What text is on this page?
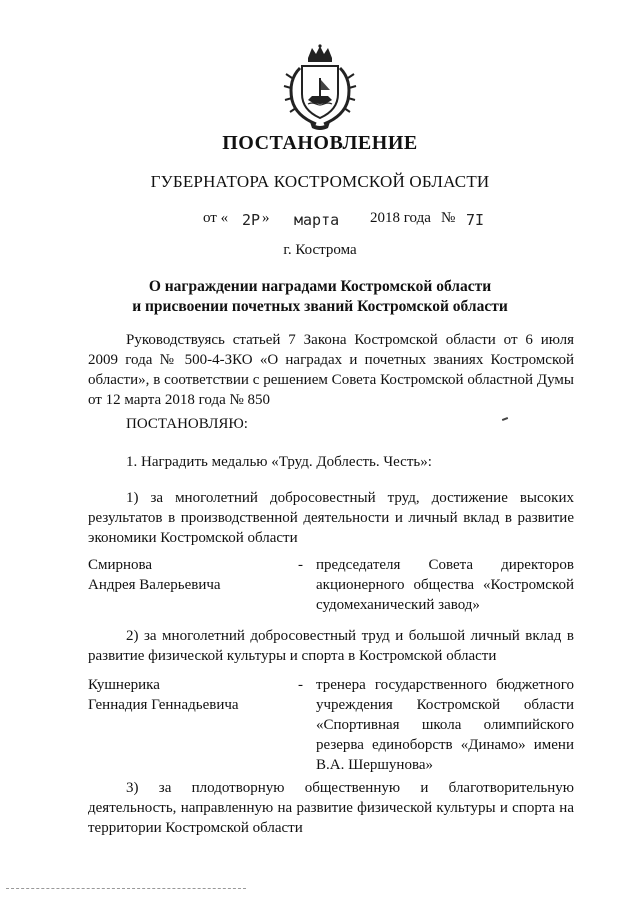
ПОСТАНОВЛЕНИЕ
ГУБЕРНАТОРА КОСТРОМСКОЙ ОБЛАСТИ
от « 2P » марта 2018 года № 7I
г. Кострома
О награждении наградами Костромской области
и присвоении почетных званий Костромской области
Руководствуясь статьей 7 Закона Костромской области от 6 июля 2009 года № 500-4-ЗКО «О наградах и почетных званиях Костромской области», в соответствии с решением Совета Костромской областной Думы от 12 марта 2018 года № 850
ПОСТАНОВЛЯЮ:
1. Наградить медалью «Труд. Доблесть. Честь»:
1) за многолетний добросовестный труд, достижение высоких результатов в производственной деятельности и личный вклад в развитие экономики Костромской области
Смирнова
Андрея Валерьевича
- председателя Совета директоров акционерного общества «Костромской судомеханический завод»
2) за многолетний добросовестный труд и большой личный вклад в развитие физической культуры и спорта в Костромской области
Кушнерика
Геннадия Геннадьевича
- тренера государственного бюджетного учреждения Костромской области «Спортивная школа олимпийского резерва единоборств «Динамо» имени В.А. Шершунова»
3) за плодотворную общественную и благотворительную деятельность, направленную на развитие физической культуры и спорта на территории Костромской области
